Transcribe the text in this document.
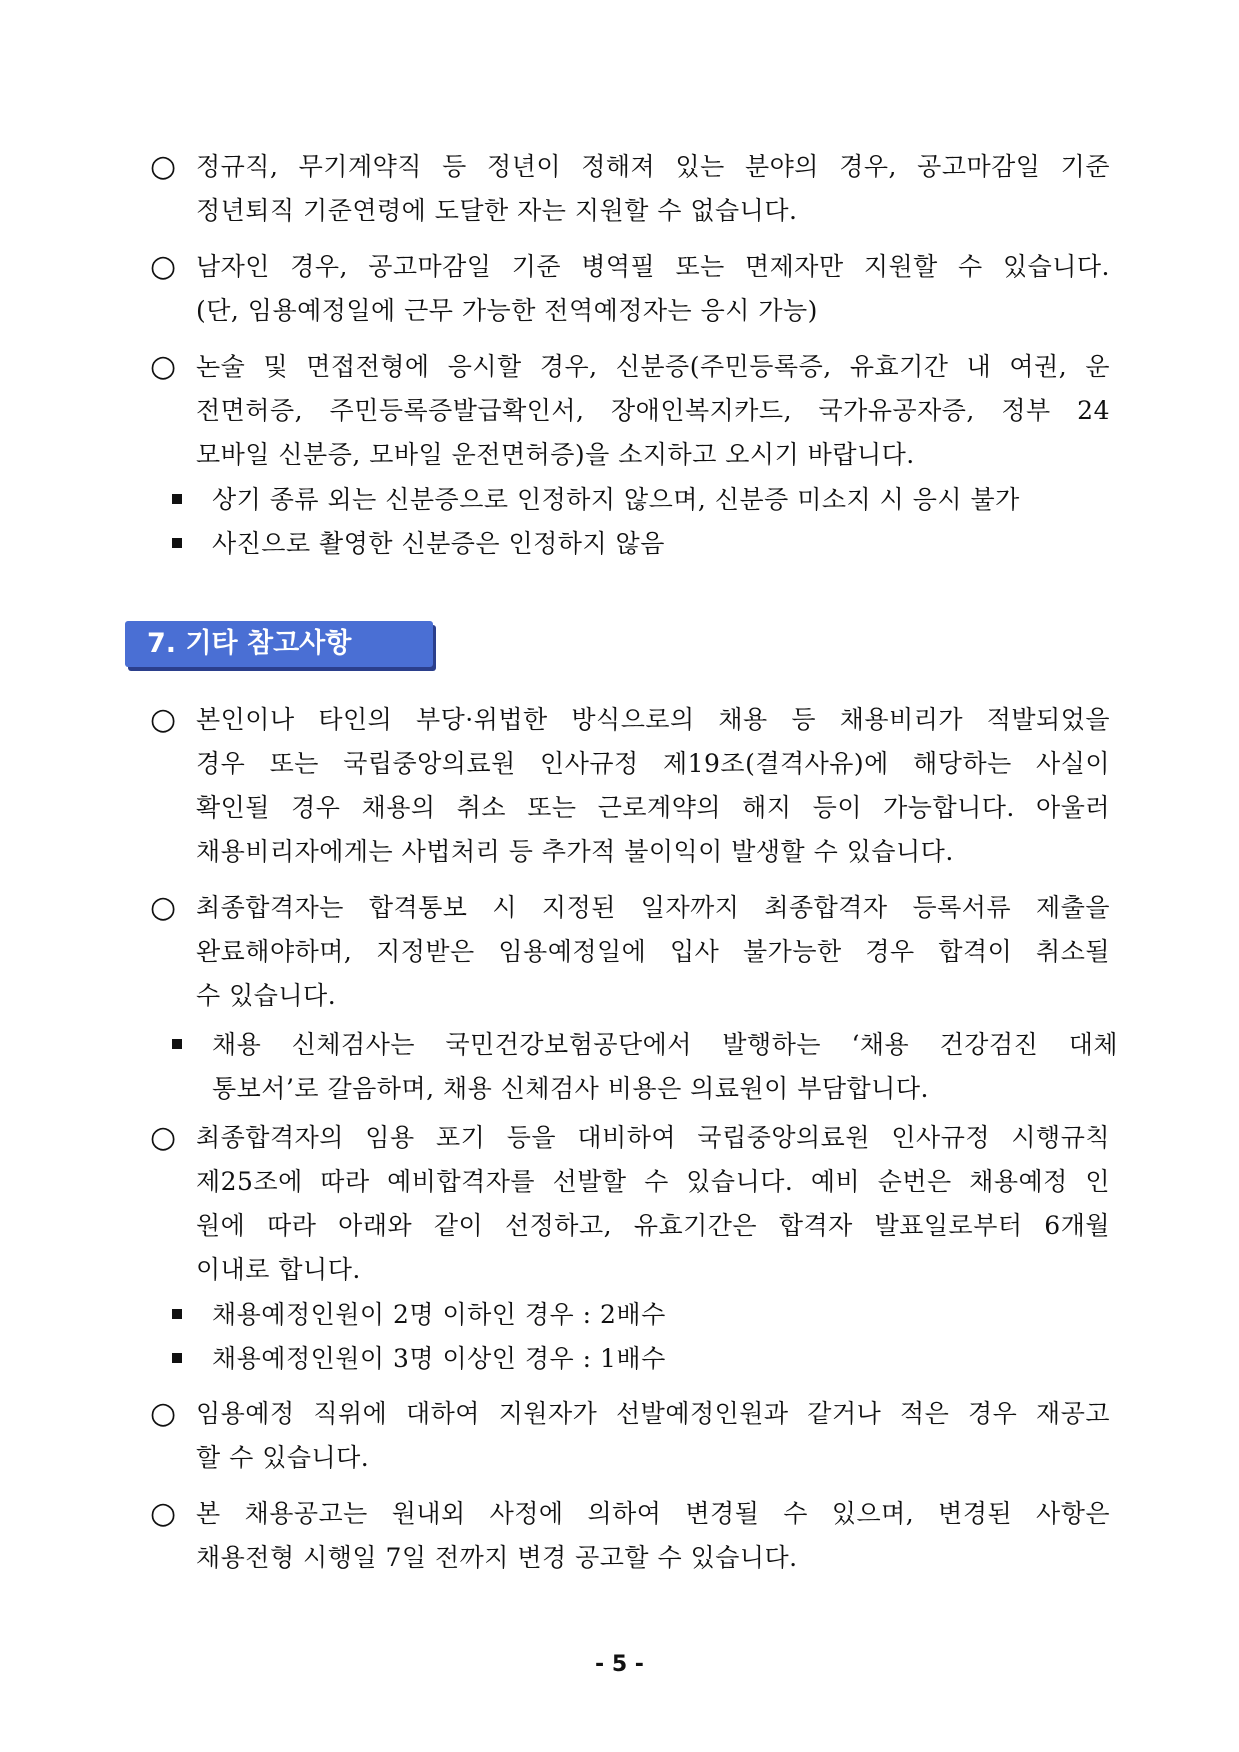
○ 정규직, 무기계약직 등 정년이 정해져 있는 분야의 경우, 공고마감일 기준
정년퇴직 기준연령에 도달한 자는 지원할 수 없습니다.
○ 남자인 경우, 공고마감일 기준 병역필 또는 면제자만 지원할 수 있습니다.
(단, 임용예정일에 근무 가능한 전역예정자는 응시 가능)
○ 논술 및 면접전형에 응시할 경우, 신분증(주민등록증, 유효기간 내 여권, 운
전면허증, 주민등록증발급확인서, 장애인복지카드, 국가유공자증, 정부 24
모바일 신분증, 모바일 운전면허증)을 소지하고 오시기 바랍니다.
상기 종류 외는 신분증으로 인정하지 않으며, 신분증 미소지 시 응시 불가
사진으로 촬영한 신분증은 인정하지 않음
7. 기타 참고사항
○ 본인이나 타인의 부당·위법한 방식으로의 채용 등 채용비리가 적발되었을
경우 또는 국립중앙의료원 인사규정 제19조(결격사유)에 해당하는 사실이
확인될 경우 채용의 취소 또는 근로계약의 해지 등이 가능합니다. 아울러
채용비리자에게는 사법처리 등 추가적 불이익이 발생할 수 있습니다.
○ 최종합격자는 합격통보 시 지정된 일자까지 최종합격자 등록서류 제출을
완료해야하며, 지정받은 임용예정일에 입사 불가능한 경우 합격이 취소될
수 있습니다.
채용 신체검사는 국민건강보험공단에서 발행하는 ‘채용 건강검진 대체
통보서’로 갈음하며, 채용 신체검사 비용은 의료원이 부담합니다.
○ 최종합격자의 임용 포기 등을 대비하여 국립중앙의료원 인사규정 시행규칙
제25조에 따라 예비합격자를 선발할 수 있습니다. 예비 순번은 채용예정 인
원에 따라 아래와 같이 선정하고, 유효기간은 합격자 발표일로부터 6개월
이내로 합니다.
채용예정인원이 2명 이하인 경우 : 2배수
채용예정인원이 3명 이상인 경우 : 1배수
○ 임용예정 직위에 대하여 지원자가 선발예정인원과 같거나 적은 경우 재공고
할 수 있습니다.
○ 본 채용공고는 원내외 사정에 의하여 변경될 수 있으며, 변경된 사항은
채용전형 시행일 7일 전까지 변경 공고할 수 있습니다.
- 5 -
